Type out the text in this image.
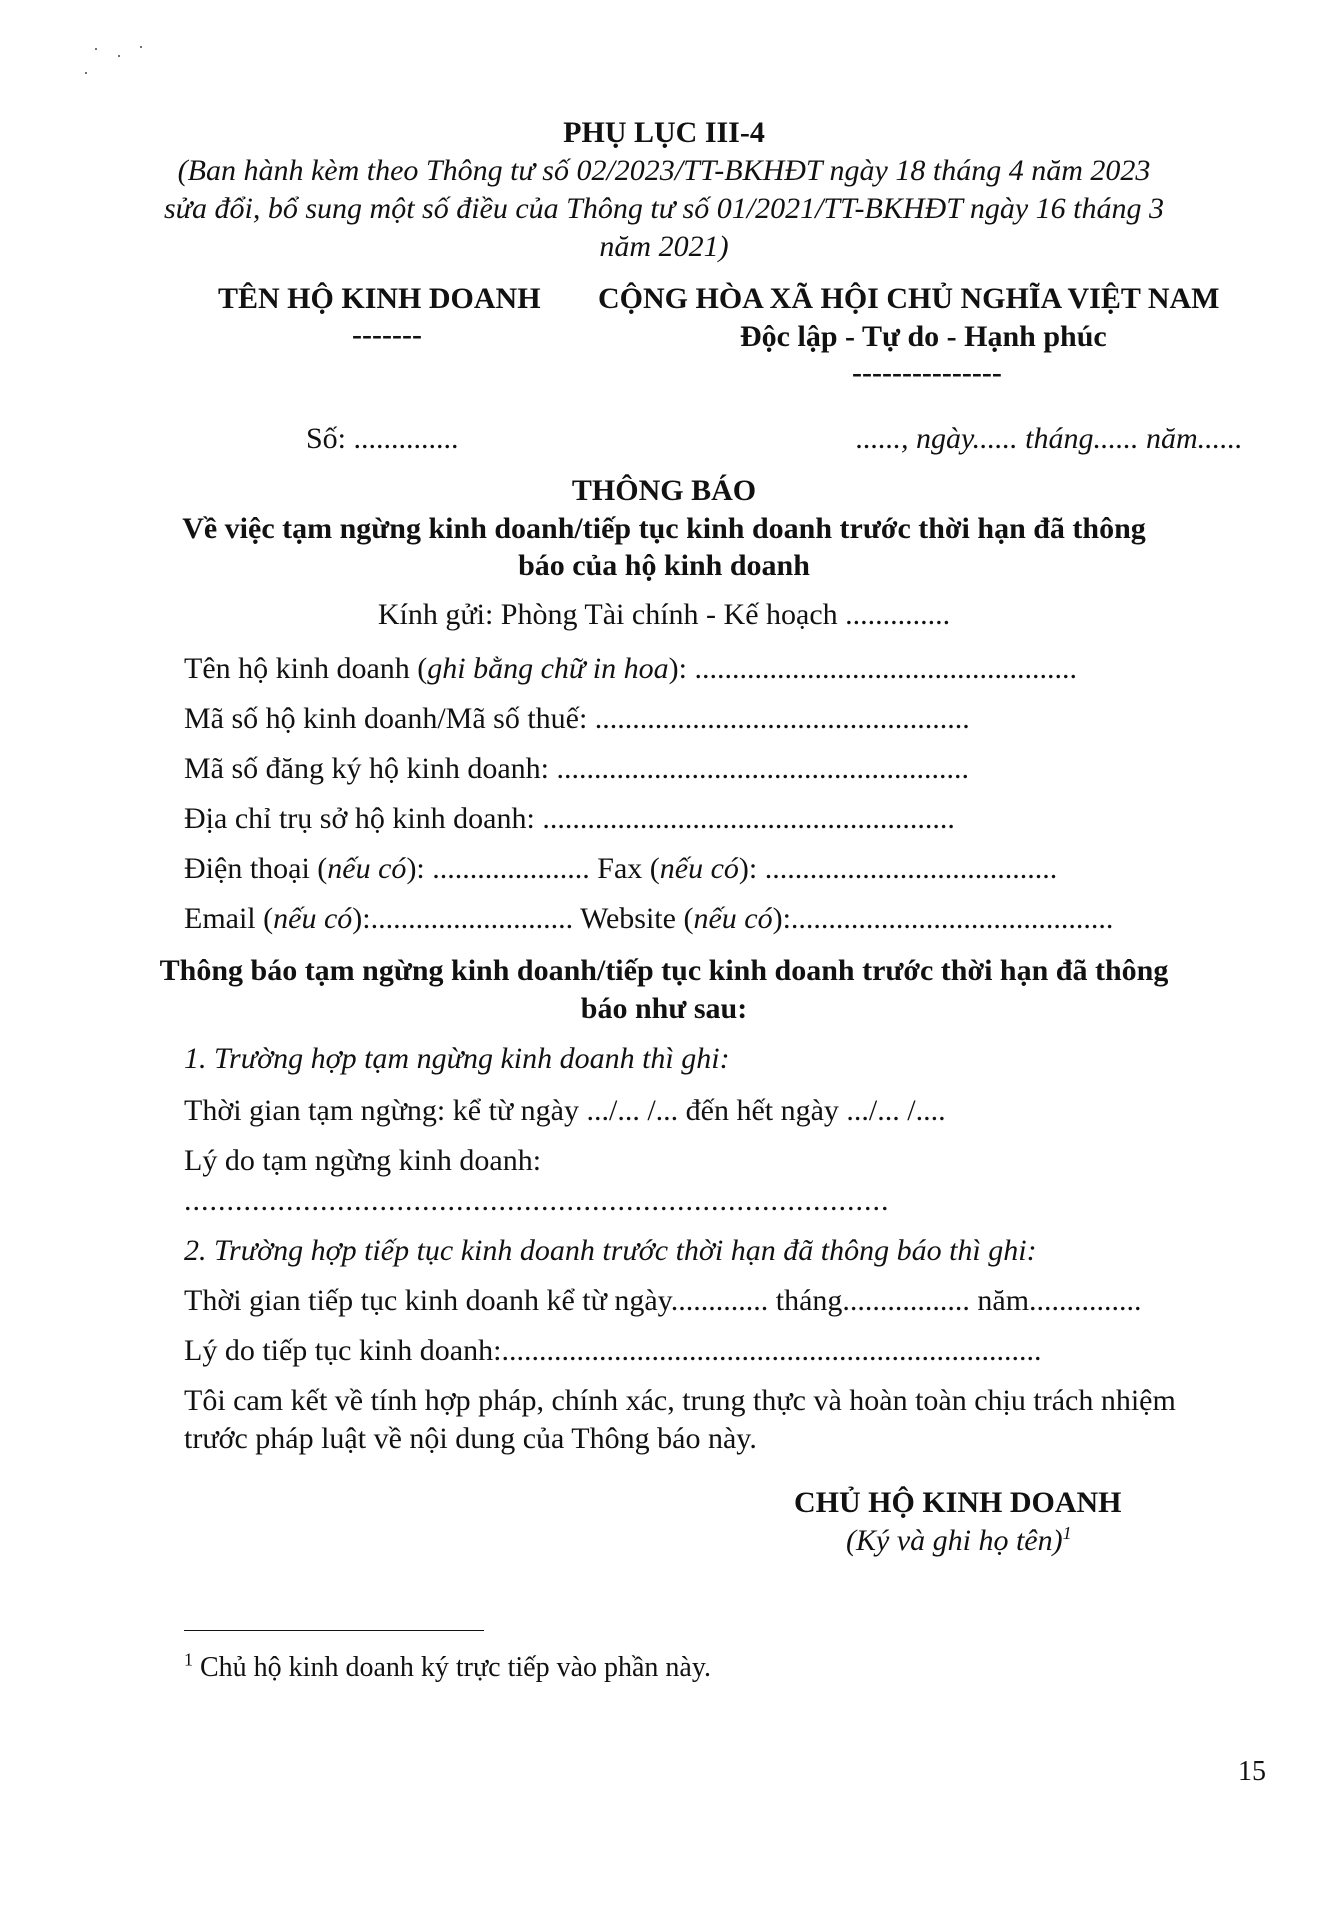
PHỤ LỤC III-4
(Ban hành kèm theo Thông tư số 02/2023/TT-BKHĐT ngày 18 tháng 4 năm 2023
sửa đổi, bổ sung một số điều của Thông tư số 01/2021/TT-BKHĐT ngày 16 tháng 3
năm 2021)
TÊN HỘ KINH DOANH
-------
CỘNG HÒA XÃ HỘI CHỦ NGHĨA VIỆT NAM
Độc lập - Tự do - Hạnh phúc
---------------
Số: ..............	......, ngày...... tháng...... năm......
THÔNG BÁO
Về việc tạm ngừng kinh doanh/tiếp tục kinh doanh trước thời hạn đã thông
báo của hộ kinh doanh
Kính gửi: Phòng Tài chính - Kế hoạch ..............
Tên hộ kinh doanh (ghi bằng chữ in hoa): ...................................................
Mã số hộ kinh doanh/Mã số thuế: ..................................................
Mã số đăng ký hộ kinh doanh: .......................................................
Địa chỉ trụ sở hộ kinh doanh: .......................................................
Điện thoại (nếu có): ..................... Fax (nếu có): .......................................
Email (nếu có):........................... Website (nếu có):...........................................
Thông báo tạm ngừng kinh doanh/tiếp tục kinh doanh trước thời hạn đã thông
báo như sau:
1. Trường hợp tạm ngừng kinh doanh thì ghi:
Thời gian tạm ngừng: kể từ ngày .../... /... đến hết ngày .../... /....
Lý do tạm ngừng kinh doanh:
...................................................................................
2. Trường hợp tiếp tục kinh doanh trước thời hạn đã thông báo thì ghi:
Thời gian tiếp tục kinh doanh kể từ ngày............. tháng................. năm...............
Lý do tiếp tục kinh doanh:........................................................................
Tôi cam kết về tính hợp pháp, chính xác, trung thực và hoàn toàn chịu trách nhiệm
trước pháp luật về nội dung của Thông báo này.
CHỦ HỘ KINH DOANH
(Ký và ghi họ tên)$^1$
$^1$ Chủ hộ kinh doanh ký trực tiếp vào phần này.
15
